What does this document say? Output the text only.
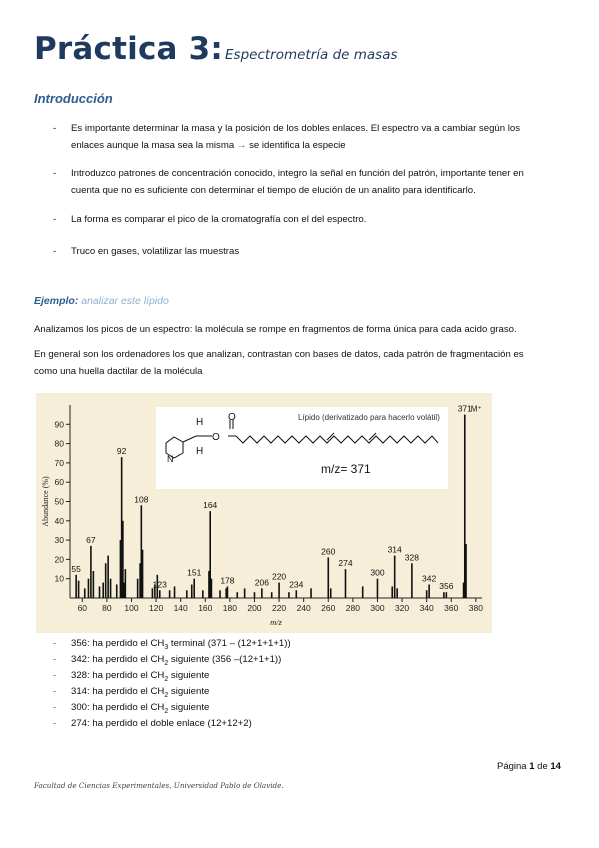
Práctica 3: Espectrometría de masas
Introducción
- Es importante determinar la masa y la posición de los dobles enlaces. El espectro va a cambiar según los
enlaces aunque la masa sea la misma → se identifica la especie
- Introduzco patrones de concentración conocido, integro la señal en función del patrón, importante tener en
cuenta que no es suficiente con determinar el tiempo de elución de un analito para identificarlo.
- La forma es comparar el pico de la cromatografía con el del espectro.
- Truco en gases, volatilizar las muestras
Ejemplo: analizar este lípido
Analizamos los picos de un espectro: la molécula se rompe en fragmentos de forma única para cada acido graso.
En general son los ordenadores los que analizan, contrastan con bases de datos, cada patrón de fragmentación es
como una huella dactilar de la molécula
10
20
30
40
50
60
70
80
90
60 80 100 120 140 160 180 200 220 240 260 280 300 320 340 360 380
m/z
Abundance (%)
55
67
92
108
123
151
164
178 206
220
234
260
274
300
314
328
342
356
371
M⁺
H O
O
N
H
Lípido (derivatizado para hacerlo volátil)
m/z= 371
- 356: ha perdido el $CH_3$ terminal (371 – (12+1+1+1))
- 342: ha perdido el $CH_2$ siguiente (356 –(12+1+1))
- 328: ha perdido el $CH_2$ siguiente
- 314: ha perdido el $CH_2$ siguiente
- 300: ha perdido el $CH_2$ siguiente
- 274: ha perdido el doble enlace (12+12+2)
Página 1 de 14
Facultad de Ciencias Experimentales, Universidad Pablo de Olavide.
